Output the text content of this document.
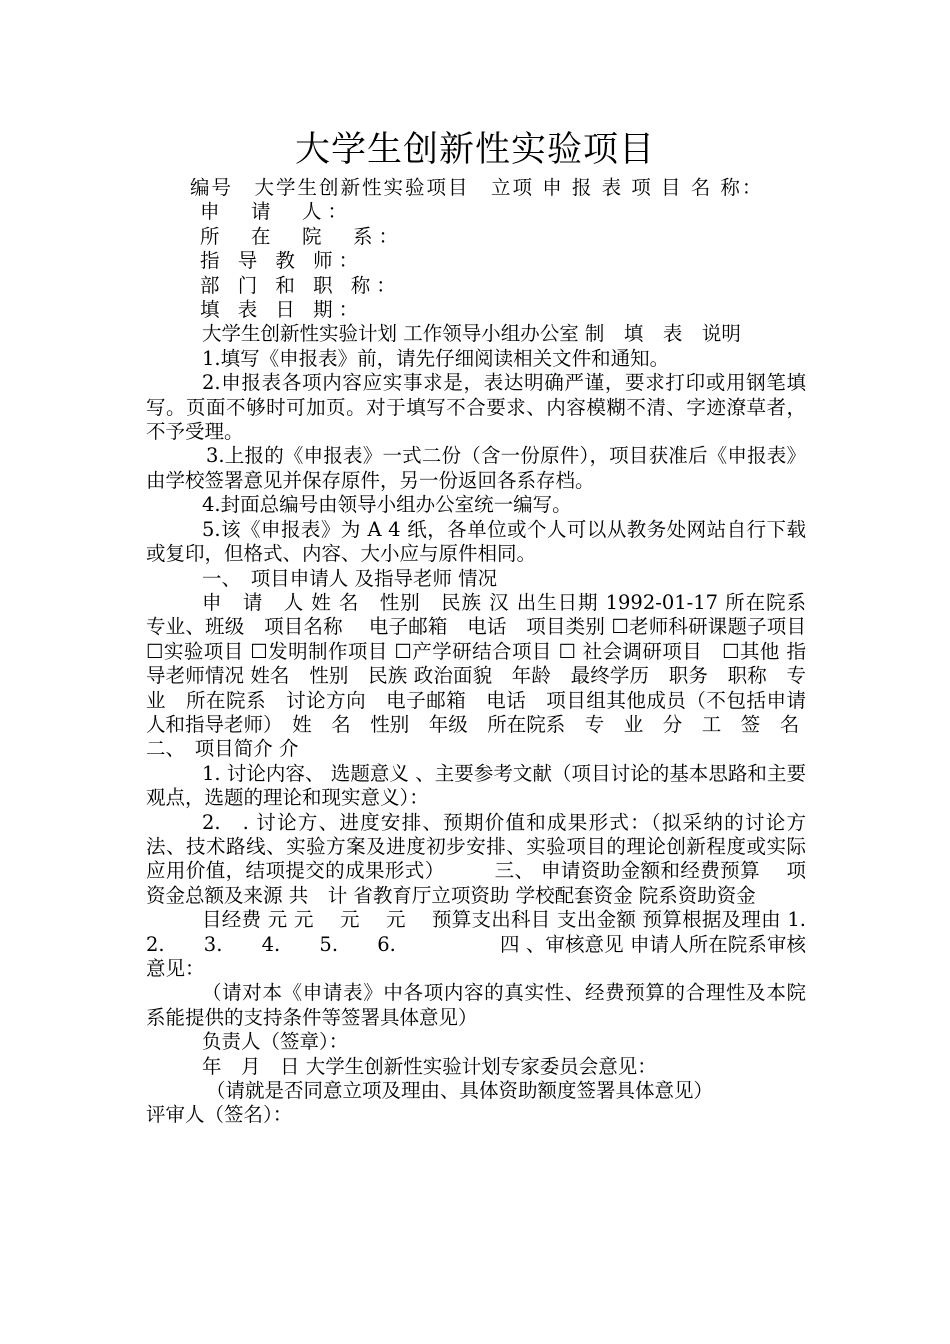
大学生创新性实验项目

编号　大学生创新性实验项目　立项 申 报 表 项 目 名 称：

申　请　人：

所　在　院　系：

指 导 教 师：

部 门 和 职 称：

填 表 日 期：

大学生创新性实验计划 工作领导小组办公室 制　填　表　说明

1.填写《申报表》前，请先仔细阅读相关文件和通知。

2.申报表各项内容应实事求是，表达明确严谨，要求打印或用钢笔填写。页面不够时可加页。对于填写不合要求、内容模糊不清、字迹潦草者，不予受理。

3.上报的《申报表》一式二份（含一份原件），项目获准后《申报表》由学校签署意见并保存原件，另一份返回各系存档。

4.封面总编号由领导小组办公室统一编写。

5.该《申报表》为 A 4 纸，各单位或个人可以从教务处网站自行下载或复印，但格式、内容、大小应与原件相同。

一、　项目申请人 及指导老师 情况

申　请　人 姓 名　性别　民族 汉 出生日期 1992-01-17 所在院系　专业、班级　项目名称　 电子邮箱　电话　项目类别 ☐老师科研课题子项目 ☐实验项目 ☐发明制作项目 ☐产学研结合项目 ☐ 社会调研项目　☐其他 指导老师情况 姓名　性别　民族 政治面貌　年龄　最终学历　职务　职称　专业　所在院系　讨论方向　电子邮箱　电话　项目组其他成员（不包括申请人和指导老师）　姓　名　性别　年级　所在院系　专　业　分　工　签　名

二、　项目简介 介

1. 讨论内容、 选题意义 、主要参考文献（项目讨论的基本思路和主要观点，选题的理论和现实意义）：

2.　. 讨论方、进度安排、预期价值和成果形式：（拟采纳的讨论方法、技术路线、实验方案及进度初步安排、实验项目的理论创新程度或实际应用价值，结项提交的成果形式）　　　三、 申请资助金额和经费预算　 项资金总额及来源 共　计 省教育厅立项资助 学校配套资金 院系资助资金

目经费 元 元　 元　 元　 预算支出科目 支出金额 预算根据及理由 1.　　2.　　3.　　4.　　5.　　6.　　　　　 四 、审核意见 申请人所在院系审核意见：

（请对本《申请表》中各项内容的真实性、经费预算的合理性及本院系能提供的支持条件等签署具体意见）

负责人（签章）：

年　月　日 大学生创新性实验计划专家委员会意见：

（请就是否同意立项及理由、具体资助额度签署具体意见）

评审人（签名）：
